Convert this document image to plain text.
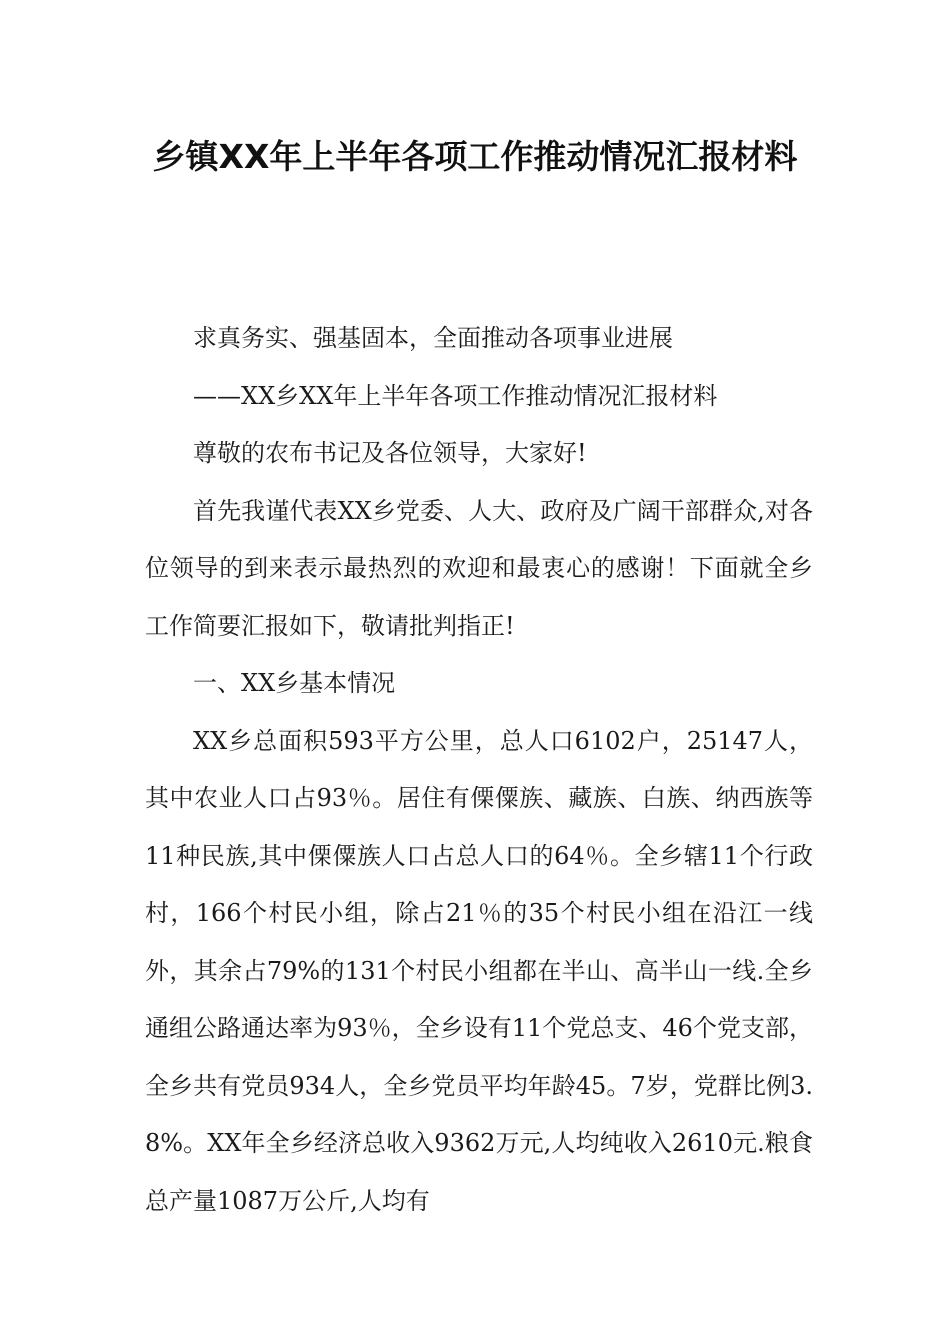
乡镇XX年上半年各项工作推动情况汇报材料

求真务实、强基固本，全面推动各项事业进展

——XX乡XX年上半年各项工作推动情况汇报材料

尊敬的农布书记及各位领导，大家好!

首先我谨代表XX乡党委、人大、政府及广阔干部群众,对各位领导的到来表示最热烈的欢迎和最衷心的感谢！下面就全乡工作简要汇报如下，敬请批判指正!

一、XX乡基本情况

XX乡总面积593平方公里，总人口6102户，25147人，其中农业人口占93％。居住有傈僳族、藏族、白族、纳西族等11种民族,其中傈僳族人口占总人口的64％。全乡辖11个行政村，166个村民小组，除占21％的35个村民小组在沿江一线外，其余占79%的131个村民小组都在半山、高半山一线.全乡通组公路通达率为93％，全乡设有11个党总支、46个党支部，全乡共有党员934人，全乡党员平均年龄45。7岁，党群比例3.8%。XX年全乡经济总收入9362万元,人均纯收入2610元.粮食总产量1087万公斤,人均有
